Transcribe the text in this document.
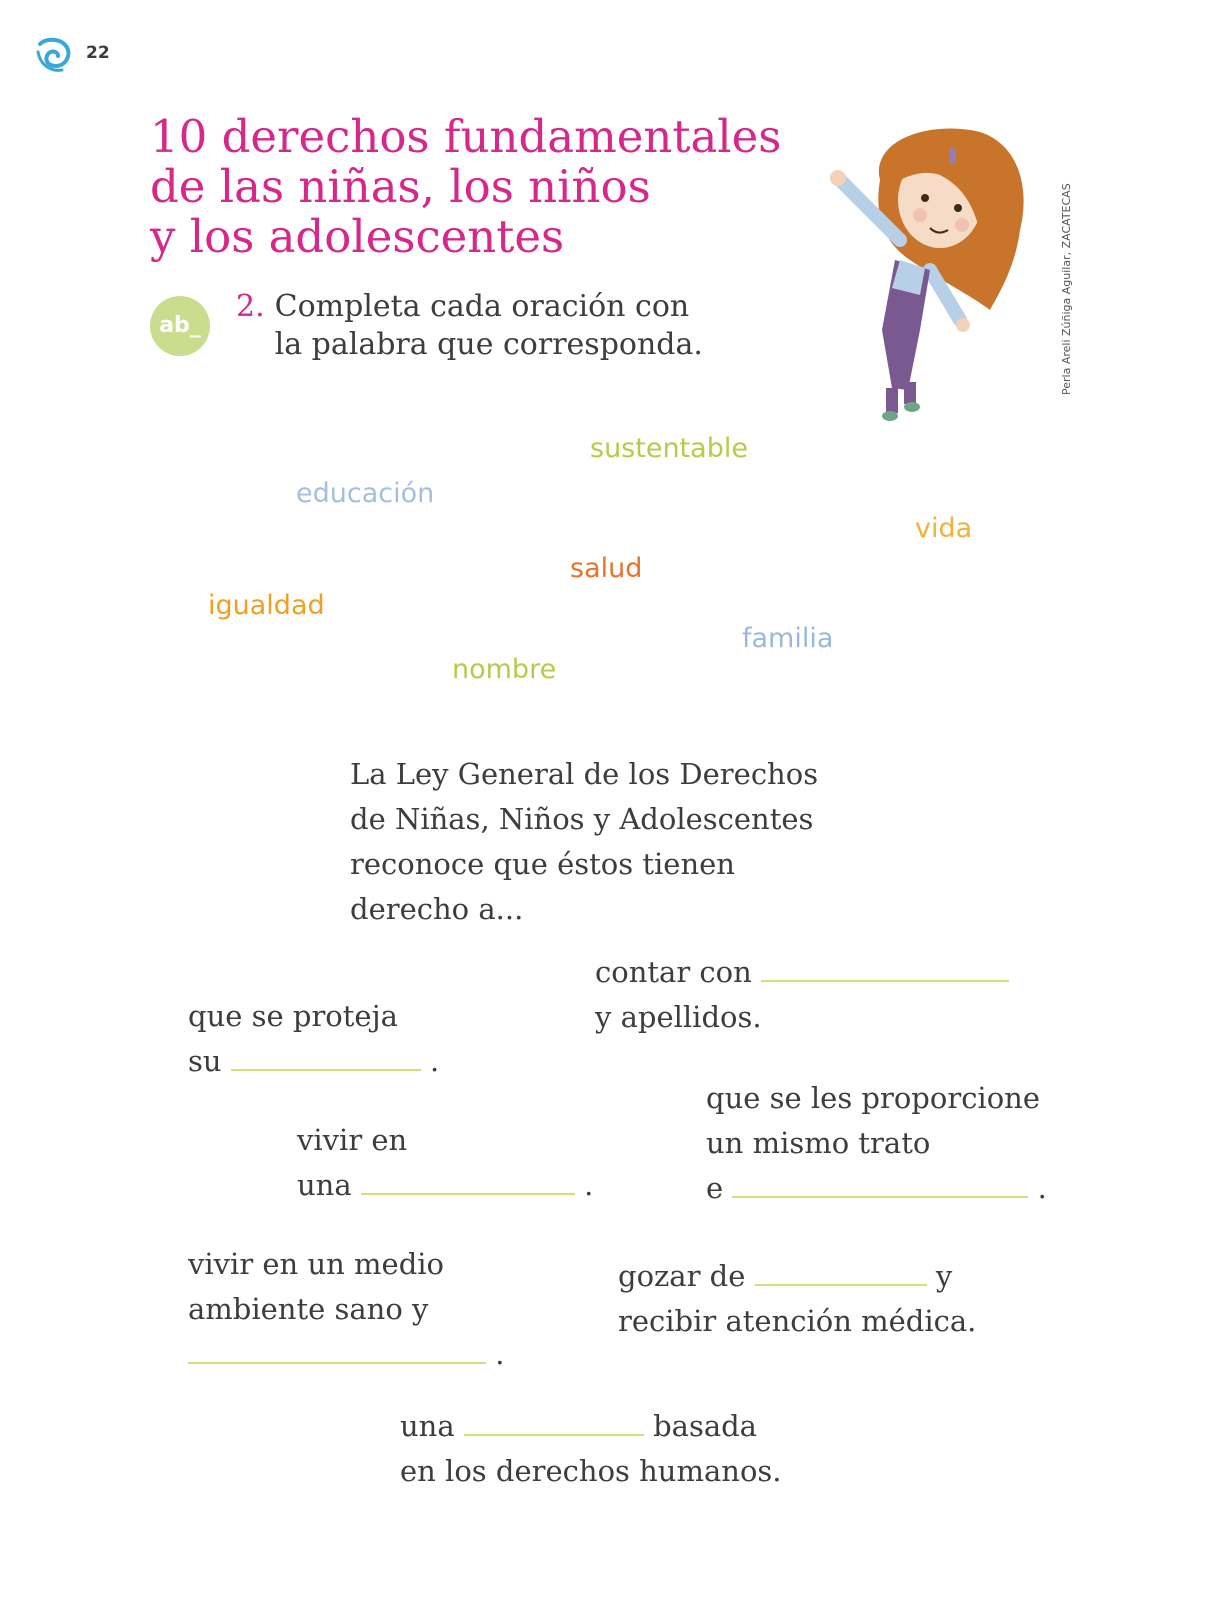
22
10 derechos fundamentales
de las niñas, los niños
y los adolescentes
ab_
2. Completa cada oración con la palabra que corresponda.	Perla Areli Zúñiga Aguilar, ZACATECAS
sustentable
educación
vida
salud
igualdad
familia
nombre
La Ley General de los Derechos
de Niñas, Niños y Adolescentes
reconoce que éstos tienen
derecho a...
contar con
y apellidos.
que se proteja
su	.
vivir en
una	.
que se les proporcione
un mismo trato
e	.
vivir en un medio
ambiente sano y
.
gozar de	y
recibir atención médica.
una	basada
en los derechos humanos.
